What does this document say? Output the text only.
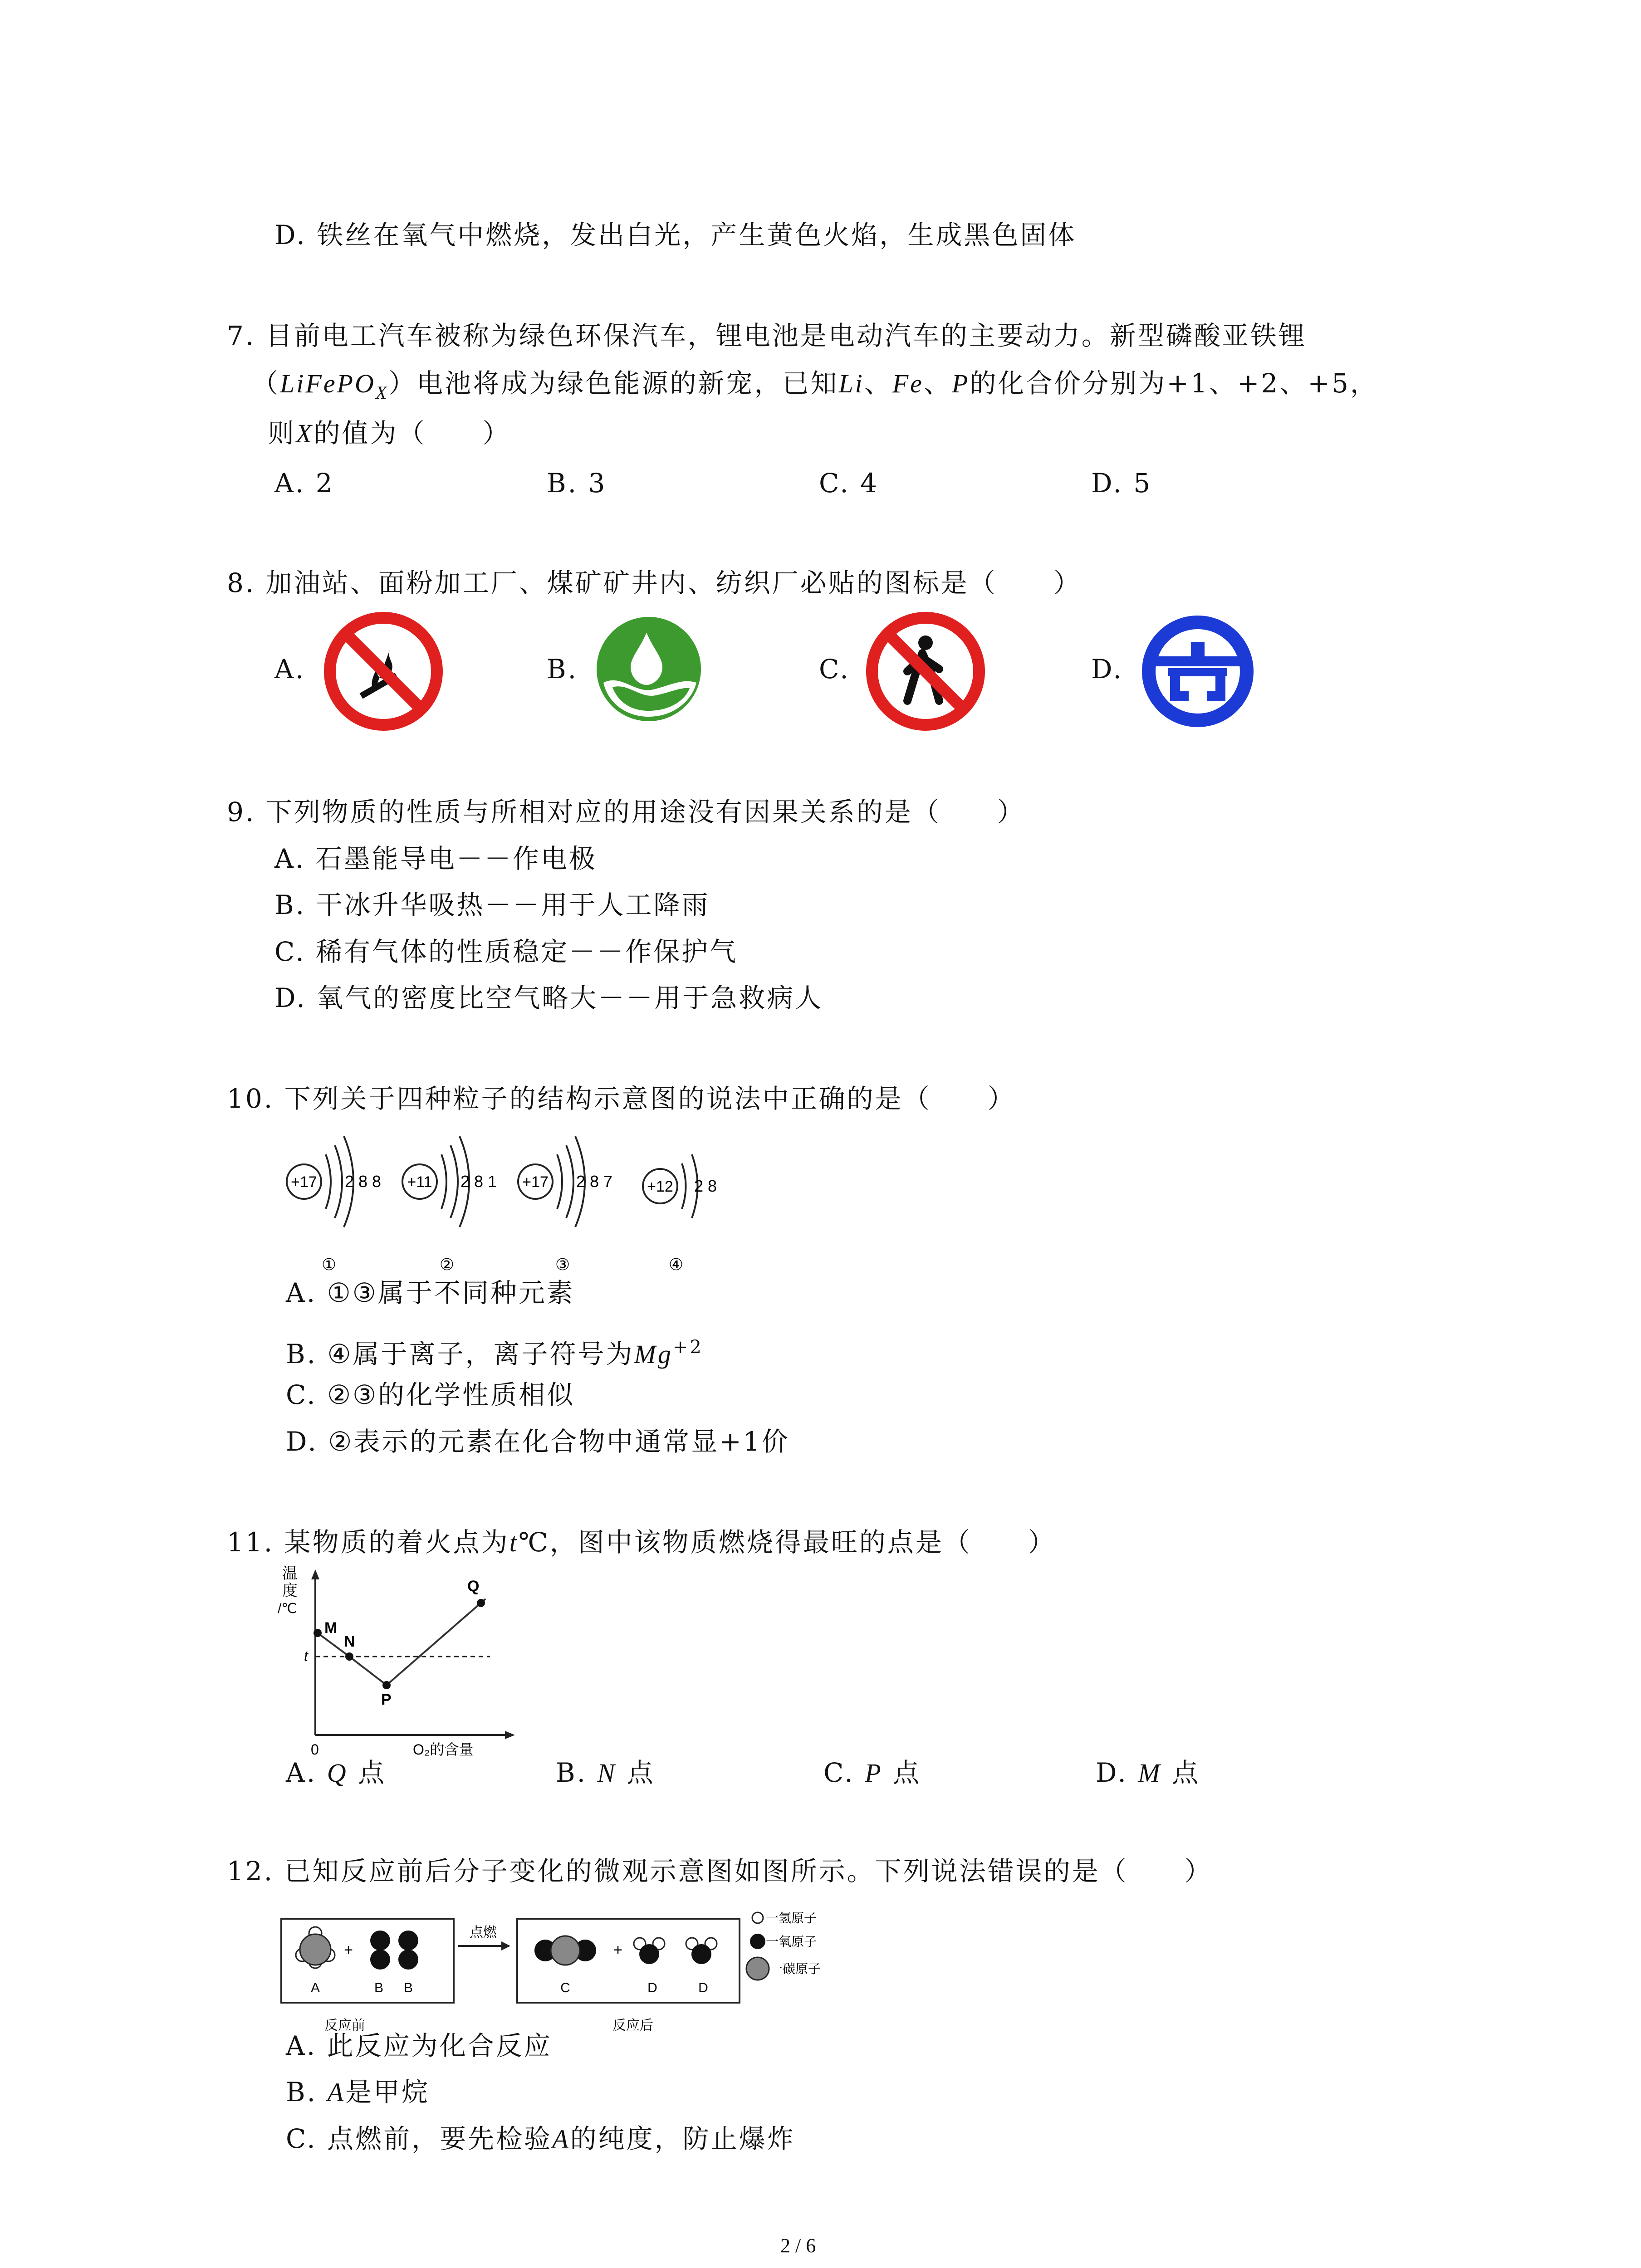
D. 铁丝在氧气中燃烧，发出白光，产生黄色火焰，生成黑色固体
7. 目前电工汽车被称为绿色环保汽车，锂电池是电动汽车的主要动力。新型磷酸亚铁锂
（LiFePO$_X$）电池将成为绿色能源的新宠，已知Li、Fe、P的化合价分别为+1、+2、+5，
则X的值为（　　）
A. 2	B. 3	C. 4	D. 5
8. 加油站、面粉加工厂、煤矿矿井内、纺织厂必贴的图标是（　　）
A.	B.	C.	D.
9. 下列物质的性质与所相对应的用途没有因果关系的是（　　）
A. 石墨能导电－－作电极
B. 干冰升华吸热－－用于人工降雨
C. 稀有气体的性质稳定－－作保护气
D. 氧气的密度比空气略大－－用于急救病人
10. 下列关于四种粒子的结构示意图的说法中正确的是（　　）
+17 2 8 8
①
+11 2 8 1
②
+17 2 8 7
③
+12 2 8
④
A. ①③属于不同种元素
B. ④属于离子，离子符号为$Mg^{+2}$
C. ②③的化学性质相似
D. ②表示的元素在化合物中通常显+1价
11. 某物质的着火点为t℃，图中该物质燃烧得最旺的点是（　　）
温
度
/℃
0	O₂的含量
t
M
N
P
Q
A. Q 点	B. N 点	C. P 点	D. M 点
12. 已知反应前后分子变化的微观示意图如图所示。下列说法错误的是（　　）
A
+
B B
反应前
点燃
C
+
D	D
反应后
一氢原子
一氧原子
一碳原子
A. 此反应为化合反应
B. A是甲烷
C. 点燃前，要先检验A的纯度，防止爆炸
2 / 6
